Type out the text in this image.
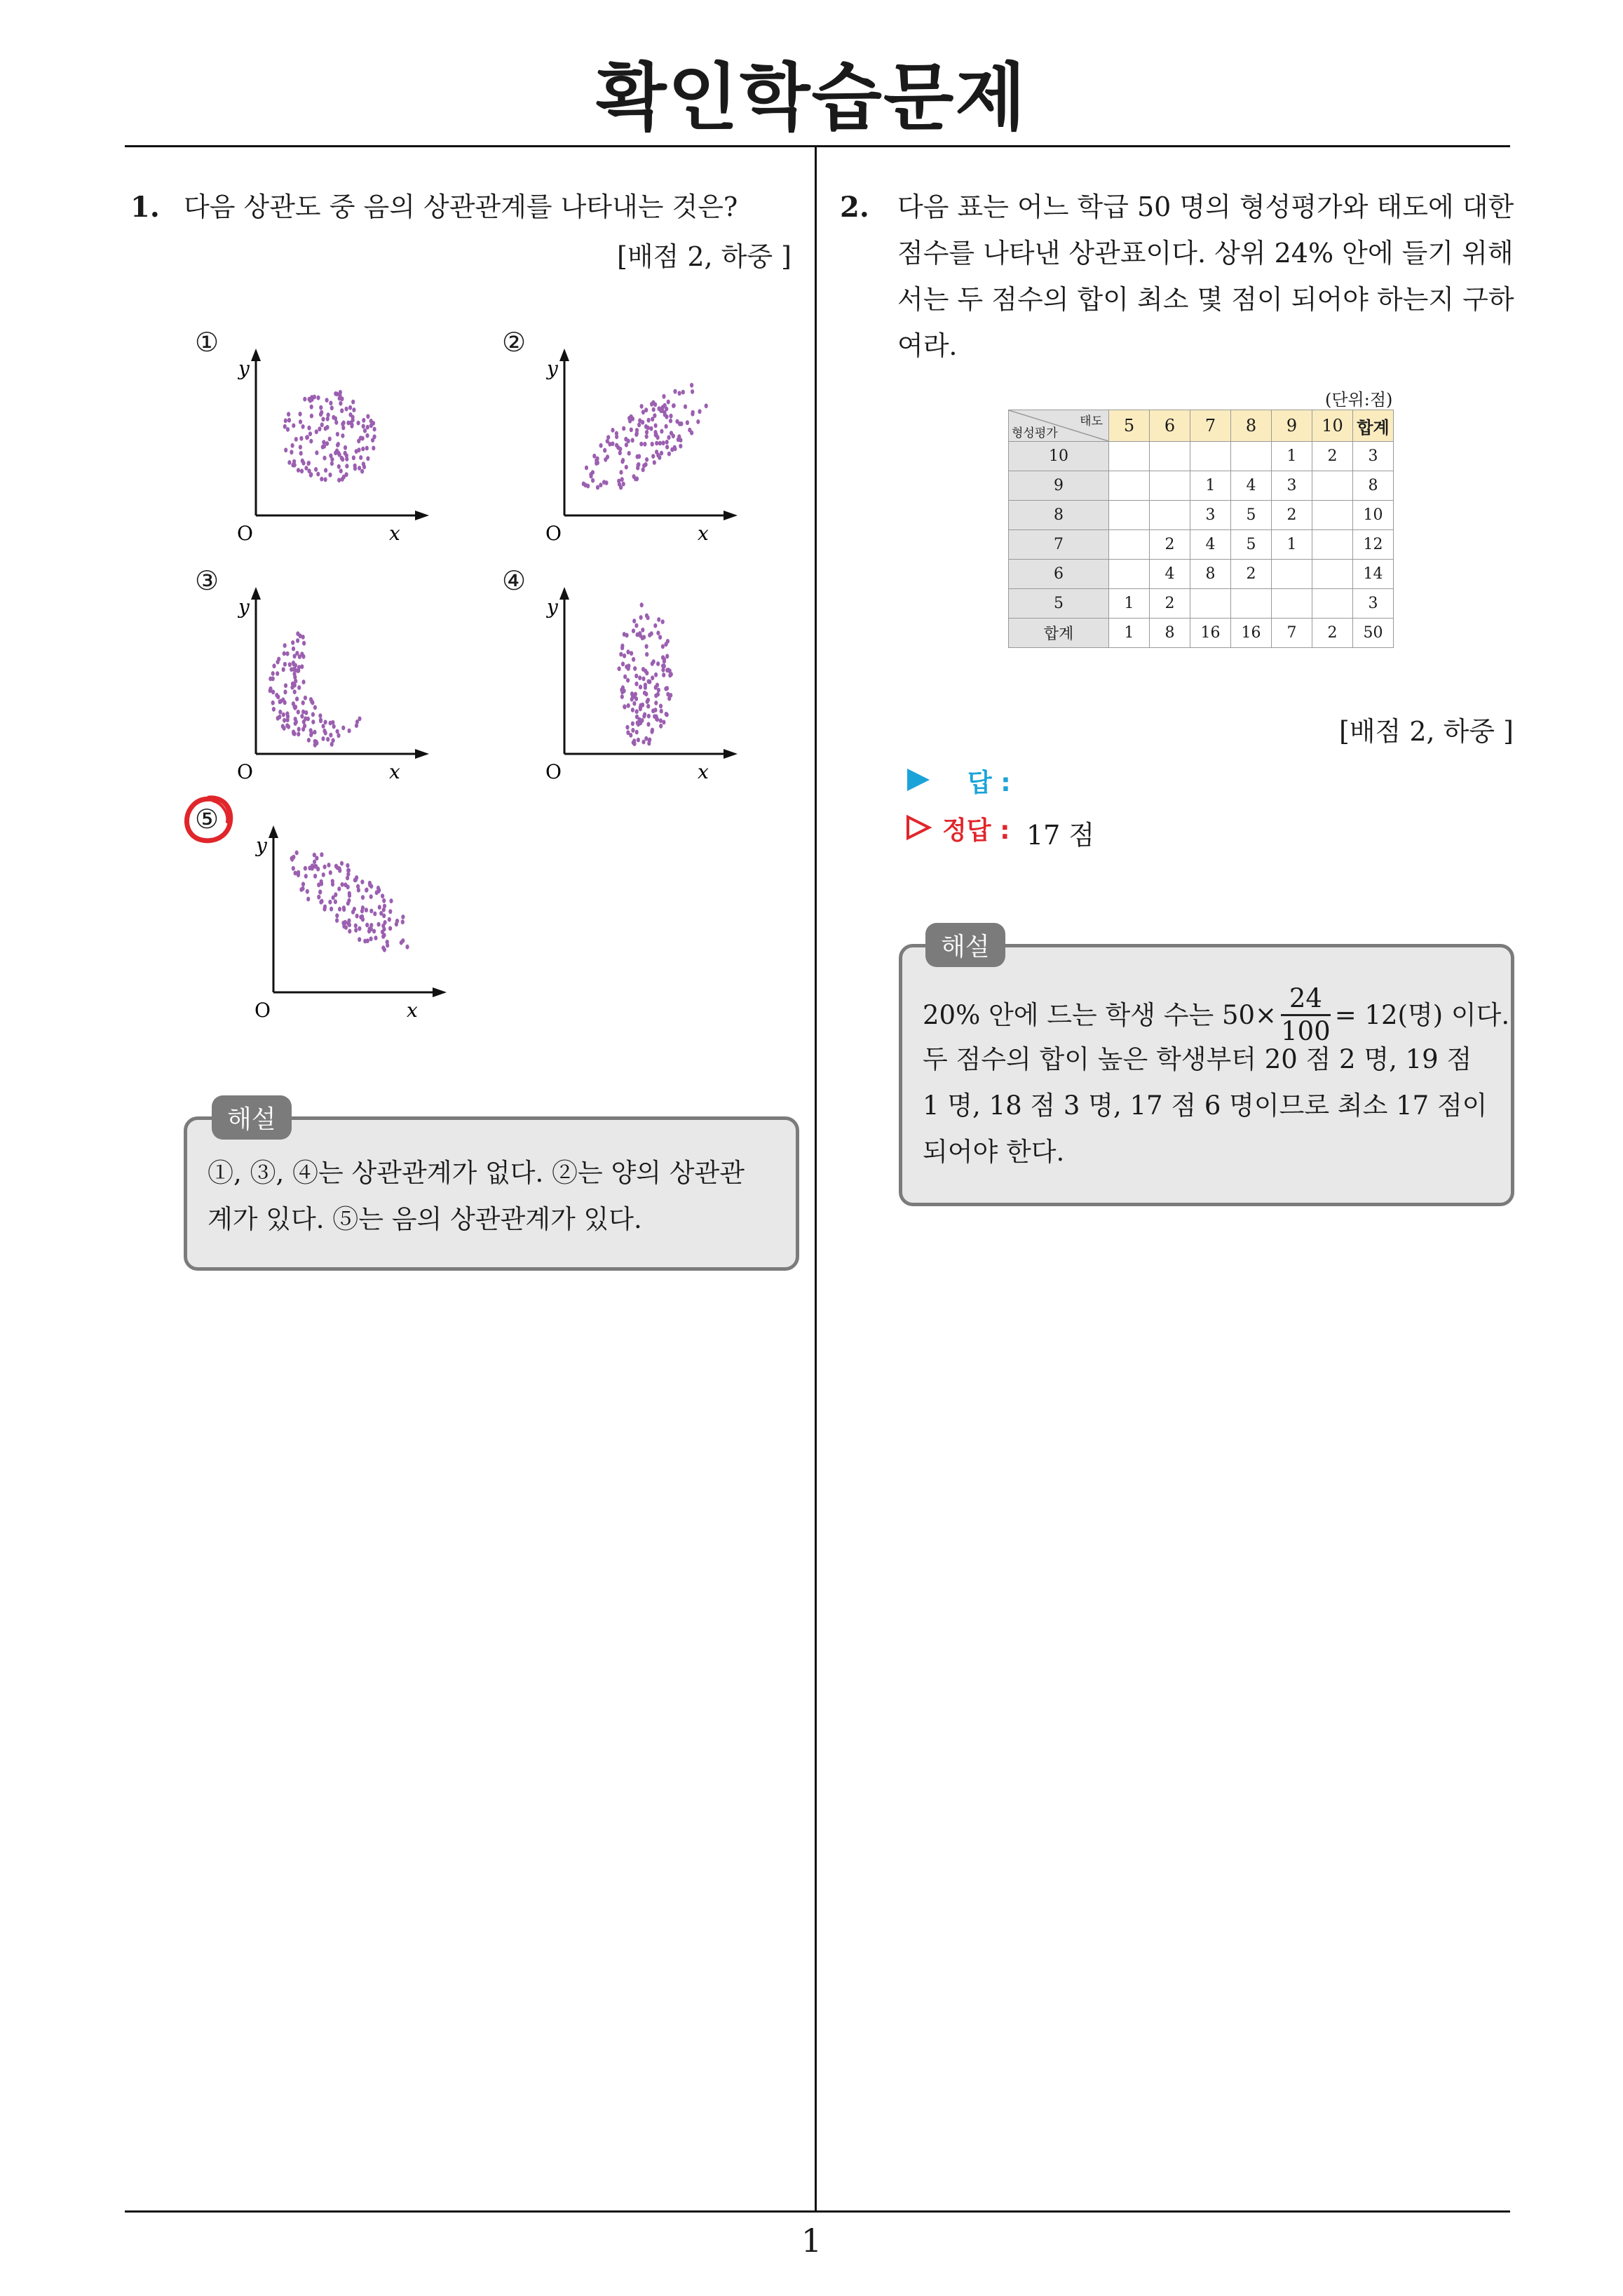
확인학습문제
1. 다음 상관도 중 음의 상관관계를 나타내는 것은?
[배점 2, 하중 ]
①	②
③	④
⑤
y
x
O
y
x
O
y
x
O
y
x
O
y
x
O
해설
①, ③, ④는 상관관계가 없다. ②는 양의 상관관
계가 있다. ⑤는 음의 상관관계가 있다.
2. 다음 표는 어느 학급 50 명의 형성평가와 태도에 대한
점수를 나타낸 상관표이다. 상위 24% 안에 들기 위해
서는 두 점수의 합이 최소 몇 점이 되어야 하는지 구하
여라.
(단위:점)
태도
형성평가	5	6	7	8	9	10	합계
10					1	2	3
9			1	4	3		8
8			3	5	2		10
7		2	4	5	1		12
6		4	8	2			14
5	1	2					3
합계	1	8	16	16	7	2	50
[배점 2, 하중 ]
답 :
정답 : 17 점
해설
20% 안에 드는 학생 수는 $50\times \frac{24}{100} = 12$(명) 이다.
두 점수의 합이 높은 학생부터 20 점 2 명, 19 점
1 명, 18 점 3 명, 17 점 6 명이므로 최소 17 점이
되어야 한다.
1
